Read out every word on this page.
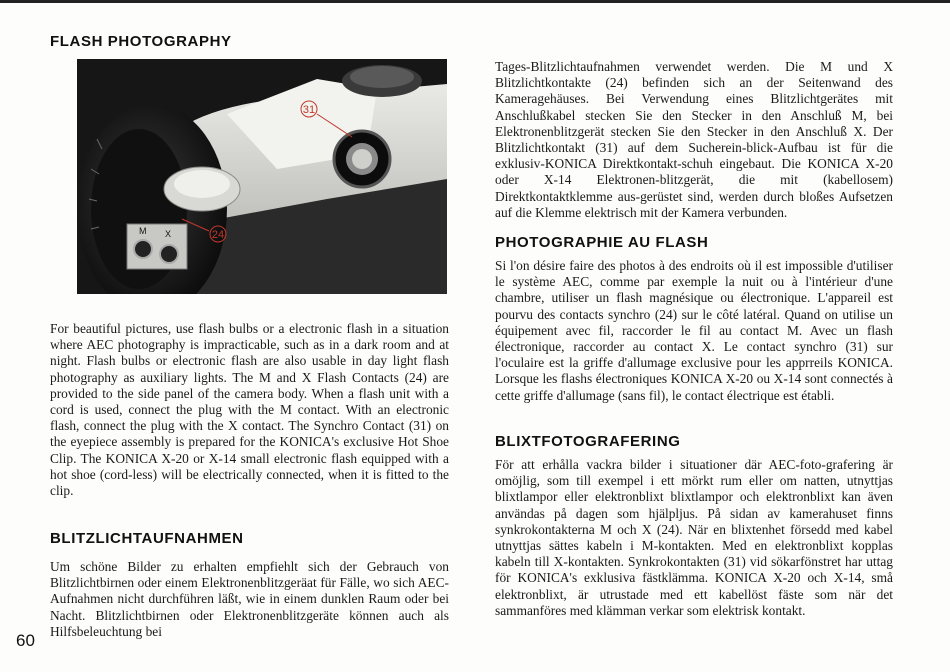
FLASH PHOTOGRAPHY
M X
31
24

For beautiful pictures, use flash bulbs or a electronic flash in a situation where AEC photography is impracticable, such as in a dark room and at night. Flash bulbs or electronic flash are also usable in day light flash photography as auxiliary lights. The M and X Flash Contacts (24) are provided to the side panel of the camera body. When a flash unit with a cord is used, connect the plug with the M contact. With an electronic flash, connect the plug with the X contact. The Synchro Contact (31) on the eyepiece assembly is prepared for the KONICA's exclusive Hot Shoe Clip. The KONICA X-20 or X-14 small electronic flash equipped with a hot shoe (cord-less) will be electrically connected, when it is fitted to the clip.

BLITZLICHTAUFNAHMEN

Um schöne Bilder zu erhalten empfiehlt sich der Gebrauch von Blitzlichtbirnen oder einem Elektronenblitzgeräat für Fälle, wo sich AEC-Aufnahmen nicht durchführen läßt, wie in einem dunklen Raum oder bei Nacht. Blitzlichtbirnen oder Elektronenblitzgeräte können auch als Hilfsbeleuchtung bei

60

Tages-Blitzlichtaufnahmen verwendet werden. Die M und X Blitzlichtkontakte (24) befinden sich an der Seitenwand des Kameragehäuses. Bei Verwendung eines Blitzlichtgerätes mit Anschlußkabel stecken Sie den Stecker in den Anschluß M, bei Elektronenblitzgerät stecken Sie den Stecker in den Anschluß X. Der Blitzlichtkontakt (31) auf dem Sucherein-blick-Aufbau ist für die exklusiv-KONICA Direktkontakt-schuh eingebaut. Die KONICA X-20 oder X-14 Elektronen-blitzgerät, die mit (kabellosem) Direktkontaktklemme aus-gerüstet sind, werden durch bloßes Aufsetzen auf die Klemme elektrisch mit der Kamera verbunden.

PHOTOGRAPHIE AU FLASH

Si l'on désire faire des photos à des endroits où il est impossible d'utiliser le système AEC, comme par exemple la nuit ou à l'intérieur d'une chambre, utiliser un flash magnésique ou électronique. L'appareil est pourvu des contacts synchro (24) sur le côté latéral. Quand on utilise un équipement avec fil, raccorder le fil au contact M. Avec un flash électronique, raccorder au contact X. Le contact synchro (31) sur l'oculaire est la griffe d'allumage exclusive pour les apprreils KONICA. Lorsque les flashs électroniques KONICA X-20 ou X-14 sont connectés à cette griffe d'allumage (sans fil), le contact électrique est établi.

BLIXTFOTOGRAFERING

För att erhålla vackra bilder i situationer där AEC-foto-grafering är omöjlig, som till exempel i ett mörkt rum eller om natten, utnyttjas blixtlampor eller elektronblixt blixtlampor och elektronblixt kan även användas på dagen som hjälpljus. På sidan av kamerahuset finns synkrokontakterna M och X (24). När en blixtenhet försedd med kabel utnyttjas sättes kabeln i M-kontakten. Med en elektronblixt kopplas kabeln till X-kontakten. Synkrokontakten (31) vid sökarfönstret har uttag för KONICA's exklusiva fästklämma. KONICA X-20 och X-14, små elektronblixt, är utrustade med ett kabellöst fäste som när det sammanföres med klämman verkar som elektrisk kontakt.
